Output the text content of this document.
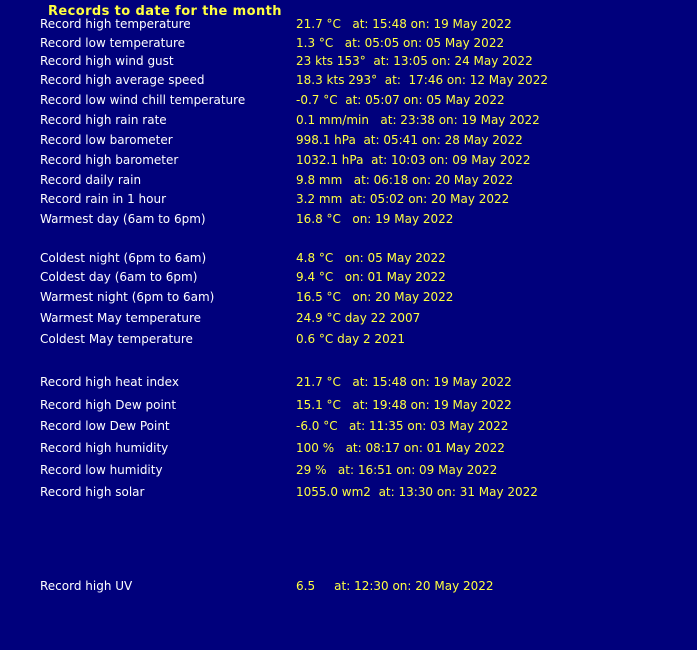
Records to date for the month
Record high temperature	21.7 °C   at: 15:48 on: 19 May 2022
Record low temperature	1.3 °C   at: 05:05 on: 05 May 2022
Record high wind gust	23 kts 153°  at: 13:05 on: 24 May 2022
Record high average speed	18.3 kts 293°  at:  17:46 on: 12 May 2022
Record low wind chill temperature	-0.7 °C  at: 05:07 on: 05 May 2022
Record high rain rate	0.1 mm/min   at: 23:38 on: 19 May 2022
Record low barometer	998.1 hPa  at: 05:41 on: 28 May 2022
Record high barometer	1032.1 hPa  at: 10:03 on: 09 May 2022
Record daily rain	9.8 mm   at: 06:18 on: 20 May 2022
Record rain in 1 hour	3.2 mm  at: 05:02 on: 20 May 2022
Warmest day (6am to 6pm)	16.8 °C   on: 19 May 2022
Coldest night (6pm to 6am)	4.8 °C   on: 05 May 2022
Coldest day (6am to 6pm)	9.4 °C   on: 01 May 2022
Warmest night (6pm to 6am)	16.5 °C   on: 20 May 2022
Warmest May temperature	24.9 °C day 22 2007
Coldest May temperature	0.6 °C day 2 2021
Record high heat index	21.7 °C   at: 15:48 on: 19 May 2022
Record high Dew point	15.1 °C   at: 19:48 on: 19 May 2022
Record low Dew Point	-6.0 °C   at: 11:35 on: 03 May 2022
Record high humidity	100 %   at: 08:17 on: 01 May 2022
Record low humidity	29 %   at: 16:51 on: 09 May 2022
Record high solar	1055.0 wm2  at: 13:30 on: 31 May 2022
Record high UV	6.5     at: 12:30 on: 20 May 2022
